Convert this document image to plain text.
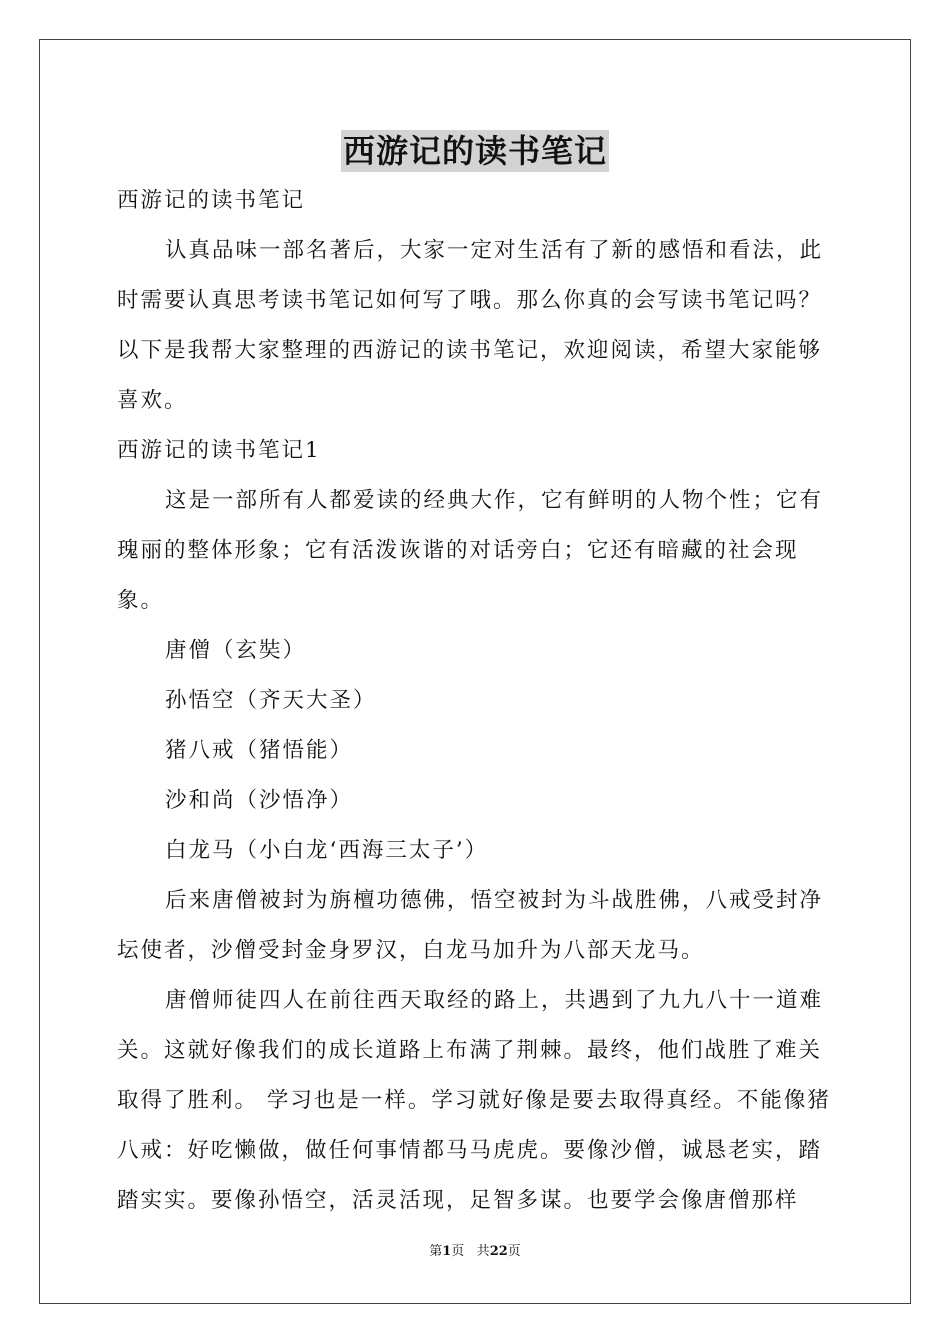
西游记的读书笔记

西游记的读书笔记

认真品味一部名著后，大家一定对生活有了新的感悟和看法，此时需要认真思考读书笔记如何写了哦。那么你真的会写读书笔记吗？以下是我帮大家整理的西游记的读书笔记，欢迎阅读，希望大家能够喜欢。

西游记的读书笔记1

这是一部所有人都爱读的经典大作，它有鲜明的人物个性；它有瑰丽的整体形象；它有活泼诙谐的对话旁白；它还有暗藏的社会现象。

唐僧（玄奘）

孙悟空（齐天大圣）

猪八戒（猪悟能）

沙和尚（沙悟净）

白龙马（小白龙‘西海三太子’）

后来唐僧被封为旃檀功德佛，悟空被封为斗战胜佛，八戒受封净坛使者，沙僧受封金身罗汉，白龙马加升为八部天龙马。

唐僧师徒四人在前往西天取经的路上，共遇到了九九八十一道难关。这就好像我们的成长道路上布满了荆棘。最终，他们战胜了难关取得了胜利。 学习也是一样。学习就好像是要去取得真经。不能像猪八戒：好吃懒做，做任何事情都马马虎虎。要像沙僧，诚恳老实，踏踏实实。要像孙悟空，活灵活现，足智多谋。也要学会像唐僧那样

第1页 共22页
